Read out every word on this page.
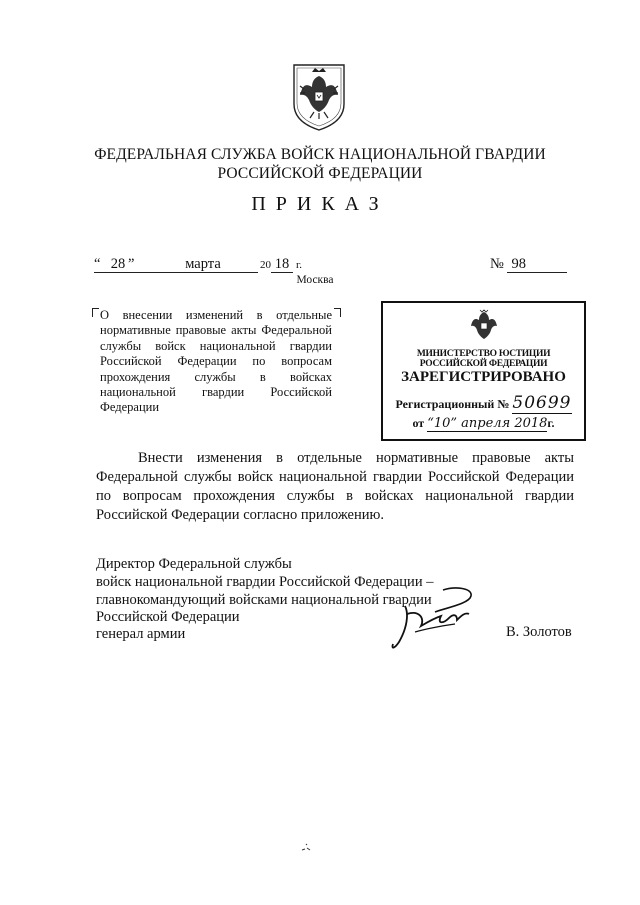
ФЕДЕРАЛЬНАЯ СЛУЖБА ВОЙСК НАЦИОНАЛЬНОЙ ГВАРДИИ
РОССИЙСКОЙ ФЕДЕРАЦИИ
ПРИКАЗ
“ 28 ”	марта	20 18 г.	№ 98
Москва
О внесении изменений в отдельные нормативные правовые акты Федеральной службы войск национальной гвардии Российской Федерации по вопросам прохождения службы в войсках национальной гвардии Российской Федерации
МИНИСТЕРСТВО ЮСТИЦИИ РОССИЙСКОЙ ФЕДЕРАЦИИ
ЗАРЕГИСТРИРОВАНО
Регистрационный № 50699
от “10” апреля 2018г.
Внести изменения в отдельные нормативные правовые акты Федеральной службы войск национальной гвардии Российской Федерации по вопросам прохождения службы в войсках национальной гвардии Российской Федерации согласно приложению.
Директор Федеральной службы
войск национальной гвардии Российской Федерации –
главнокомандующий войсками национальной гвардии
Российской Федерации
генерал армии	В. Золотов
